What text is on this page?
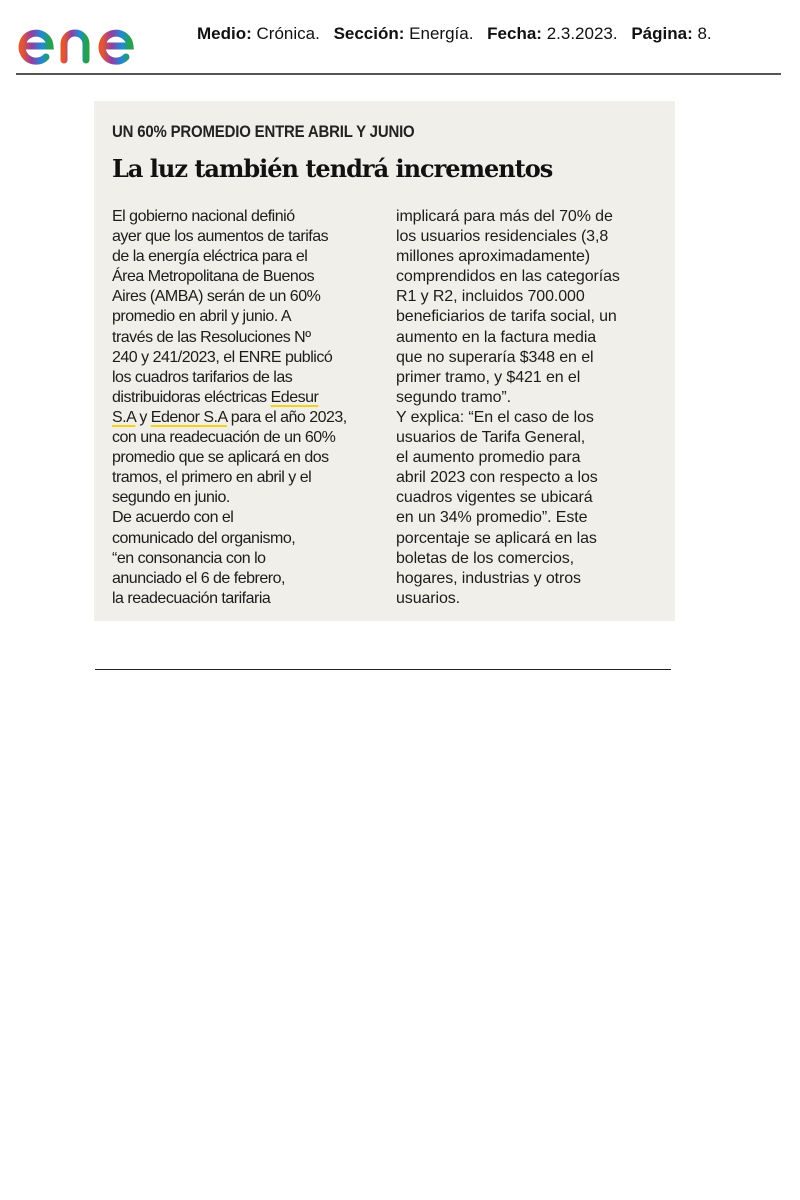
Medio: Crónica. Sección: Energía. Fecha: 2.3.2023. Página: 8.
UN 60% PROMEDIO ENTRE ABRIL Y JUNIO
La luz también tendrá incrementos
El gobierno nacional definió
ayer que los aumentos de tarifas
de la energía eléctrica para el
Área Metropolitana de Buenos
Aires (AMBA) serán de un 60%
promedio en abril y junio. A
través de las Resoluciones Nº
240 y 241/2023, el ENRE publicó
los cuadros tarifarios de las
distribuidoras eléctricas Edesur
S.A y Edenor S.A para el año 2023,
con una readecuación de un 60%
promedio que se aplicará en dos
tramos, el primero en abril y el
segundo en junio.
De acuerdo con el
comunicado del organismo,
“en consonancia con lo
anunciado el 6 de febrero,
la readecuación tarifaria
implicará para más del 70% de
los usuarios residenciales (3,8
millones aproximadamente)
comprendidos en las categorías
R1 y R2, incluidos 700.000
beneficiarios de tarifa social, un
aumento en la factura media
que no superaría $348 en el
primer tramo, y $421 en el
segundo tramo”.
Y explica: “En el caso de los
usuarios de Tarifa General,
el aumento promedio para
abril 2023 con respecto a los
cuadros vigentes se ubicará
en un 34% promedio”. Este
porcentaje se aplicará en las
boletas de los comercios,
hogares, industrias y otros
usuarios.
